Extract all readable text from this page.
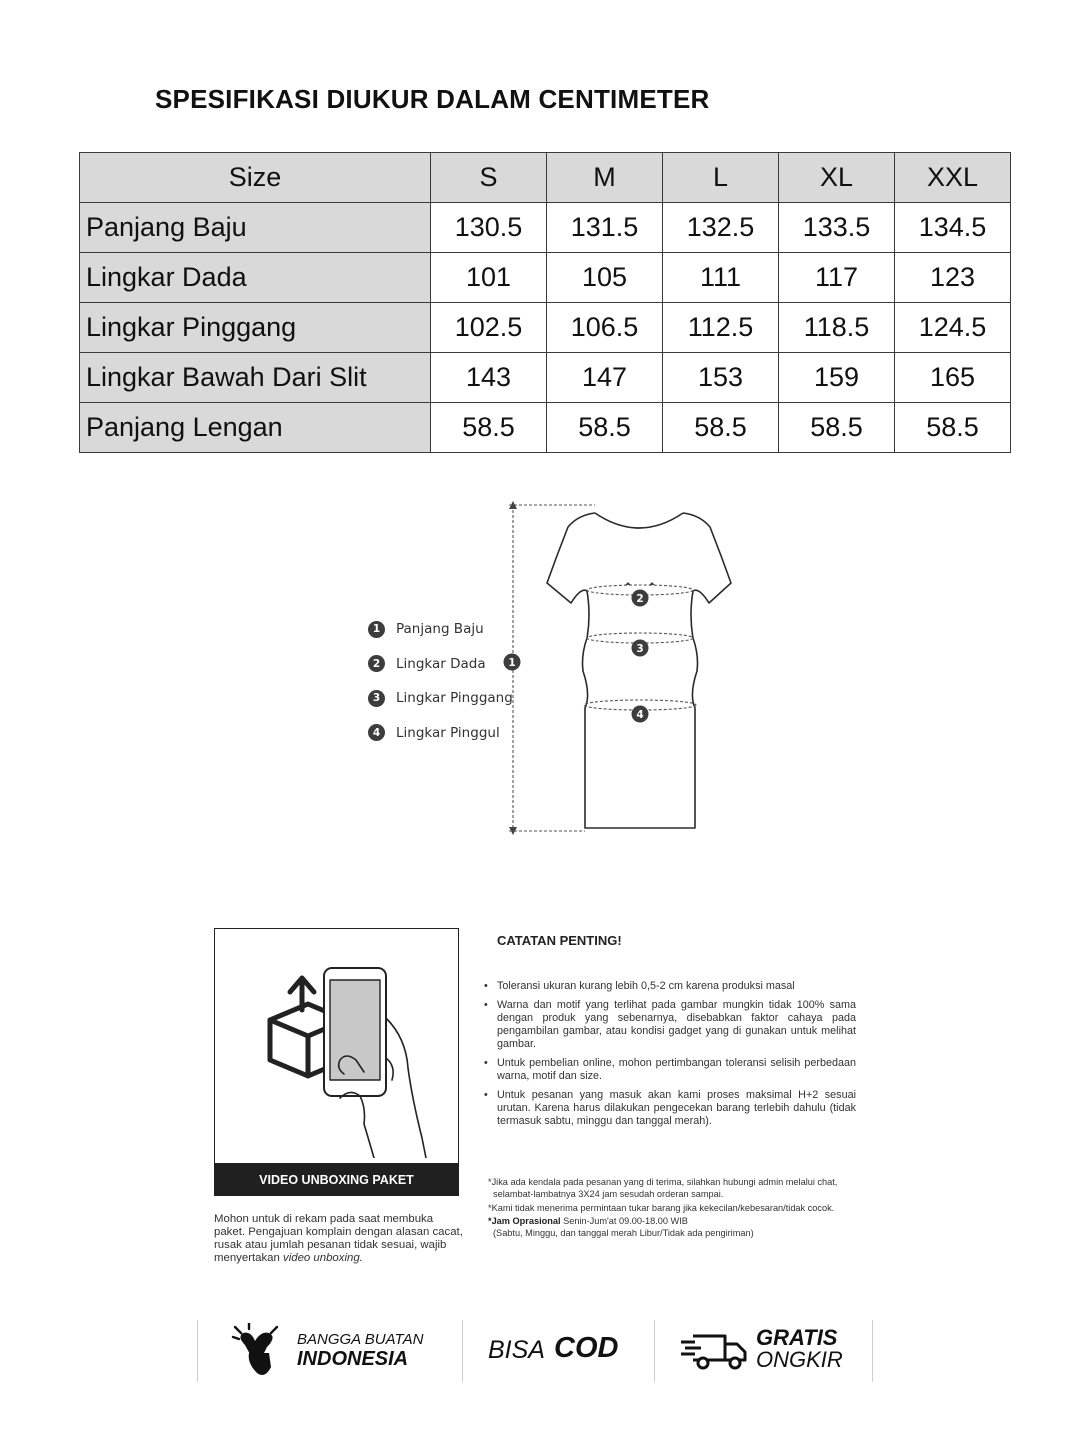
SPESIFIKASI DIUKUR DALAM CENTIMETER
Size	S	M	L	XL	XXL
Panjang Baju	130.5	131.5	132.5	133.5	134.5
Lingkar Dada	101	105	111	117	123
Lingkar Pinggang	102.5	106.5	112.5	118.5	124.5
Lingkar Bawah Dari Slit	143	147	153	159	165
Panjang Lengan	58.5	58.5	58.5	58.5	58.5
1	Panjang Baju
2	Lingkar Dada
3	Lingkar Pinggang
4	Lingkar Pinggul
1
2
3
4
VIDEO UNBOXING PAKET
Mohon untuk di rekam pada saat membuka paket. Pengajuan komplain dengan alasan cacat, rusak atau jumlah pesanan tidak sesuai, wajib menyertakan video unboxing.
CATATAN PENTING!
• Toleransi ukuran kurang lebih 0,5-2 cm karena produksi masal
• Warna dan motif yang terlihat pada gambar mungkin tidak 100% sama dengan produk yang sebenarnya, disebabkan faktor cahaya pada pengambilan gambar, atau kondisi gadget yang di gunakan untuk melihat gambar.
• Untuk pembelian online, mohon pertimbangan toleransi selisih perbedaan warna, motif dan size.
• Untuk pesanan yang masuk akan kami proses maksimal H+2 sesuai urutan. Karena harus dilakukan pengecekan barang terlebih dahulu (tidak termasuk sabtu, minggu dan tanggal merah).
*Jika ada kendala pada pesanan yang di terima, silahkan hubungi admin melalui chat, selambat-lambatnya 3X24 jam sesudah orderan sampai.
*Kami tidak menerima permintaan tukar barang jika kekecilan/kebesaran/tidak cocok.
*Jam Oprasional Senin-Jum'at 09.00-18.00 WIB
(Sabtu, Minggu, dan tanggal merah Libur/Tidak ada pengiriman)
BANGGA BUATAN
INDONESIA	BISA COD	GRATIS
ONGKIR
